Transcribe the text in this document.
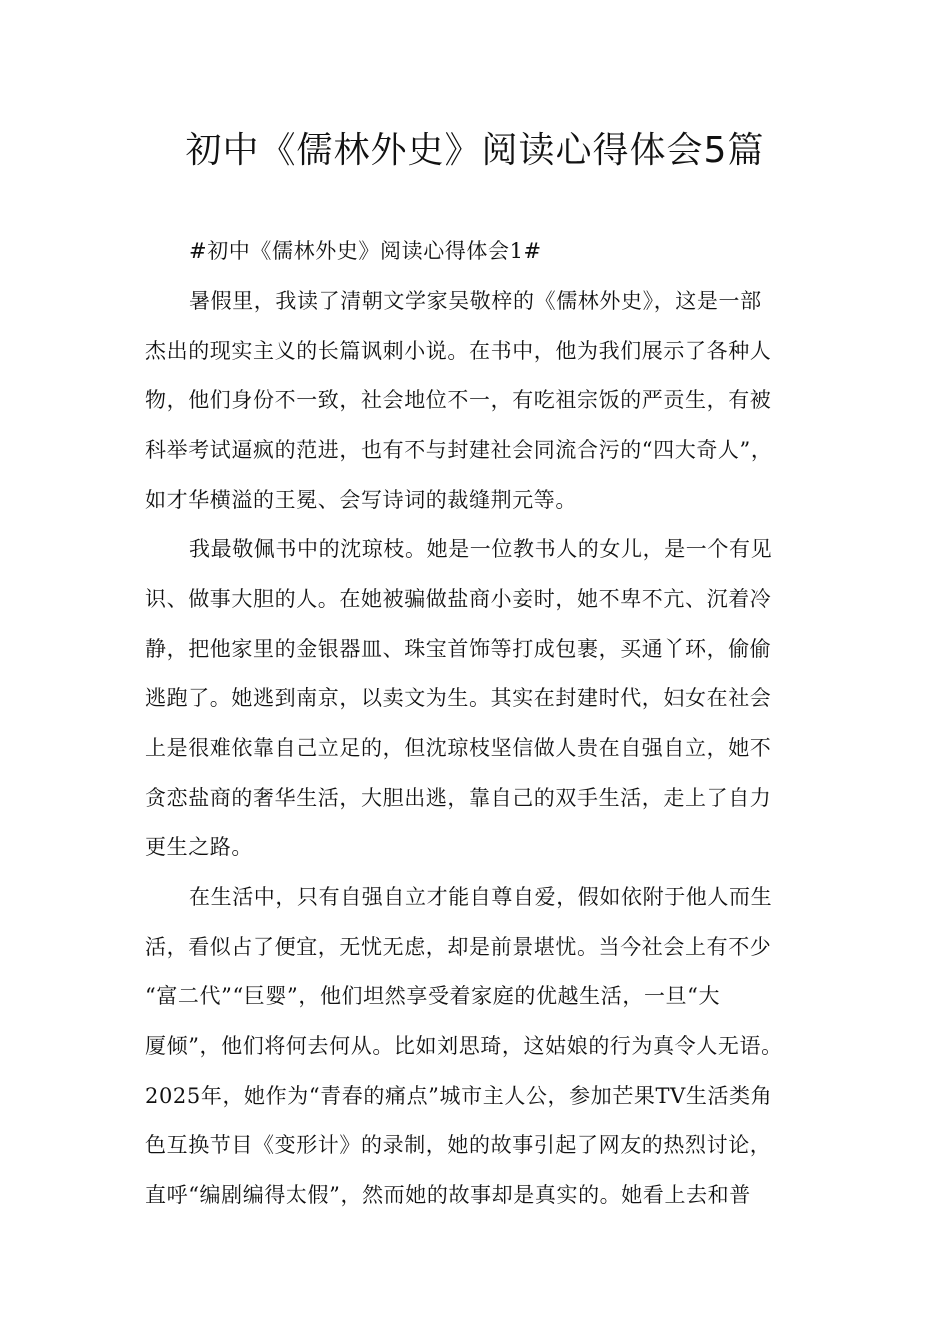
初中《儒林外史》阅读心得体会5篇
#初中《儒林外史》阅读心得体会1#
暑假里，我读了清朝文学家吴敬梓的《儒林外史》，这是一部
杰出的现实主义的长篇讽刺小说。在书中，他为我们展示了各种人
物，他们身份不一致，社会地位不一，有吃祖宗饭的严贡生，有被
科举考试逼疯的范进，也有不与封建社会同流合污的“四大奇人”，
如才华横溢的王冕、会写诗词的裁缝荆元等。
我最敬佩书中的沈琼枝。她是一位教书人的女儿，是一个有见
识、做事大胆的人。在她被骗做盐商小妾时，她不卑不亢、沉着冷
静，把他家里的金银器皿、珠宝首饰等打成包裹，买通丫环，偷偷
逃跑了。她逃到南京，以卖文为生。其实在封建时代，妇女在社会
上是很难依靠自己立足的，但沈琼枝坚信做人贵在自强自立，她不
贪恋盐商的奢华生活，大胆出逃，靠自己的双手生活，走上了自力
更生之路。
在生活中，只有自强自立才能自尊自爱，假如依附于他人而生
活，看似占了便宜，无忧无虑，却是前景堪忧。当今社会上有不少
“富二代”“巨婴”，他们坦然享受着家庭的优越生活，一旦“大
厦倾”，他们将何去何从。比如刘思琦，这姑娘的行为真令人无语。
2025年，她作为“青春的痛点”城市主人公，参加芒果TV生活类角
色互换节目《变形计》的录制，她的故事引起了网友的热烈讨论，
直呼“编剧编得太假”，然而她的故事却是真实的。她看上去和普
